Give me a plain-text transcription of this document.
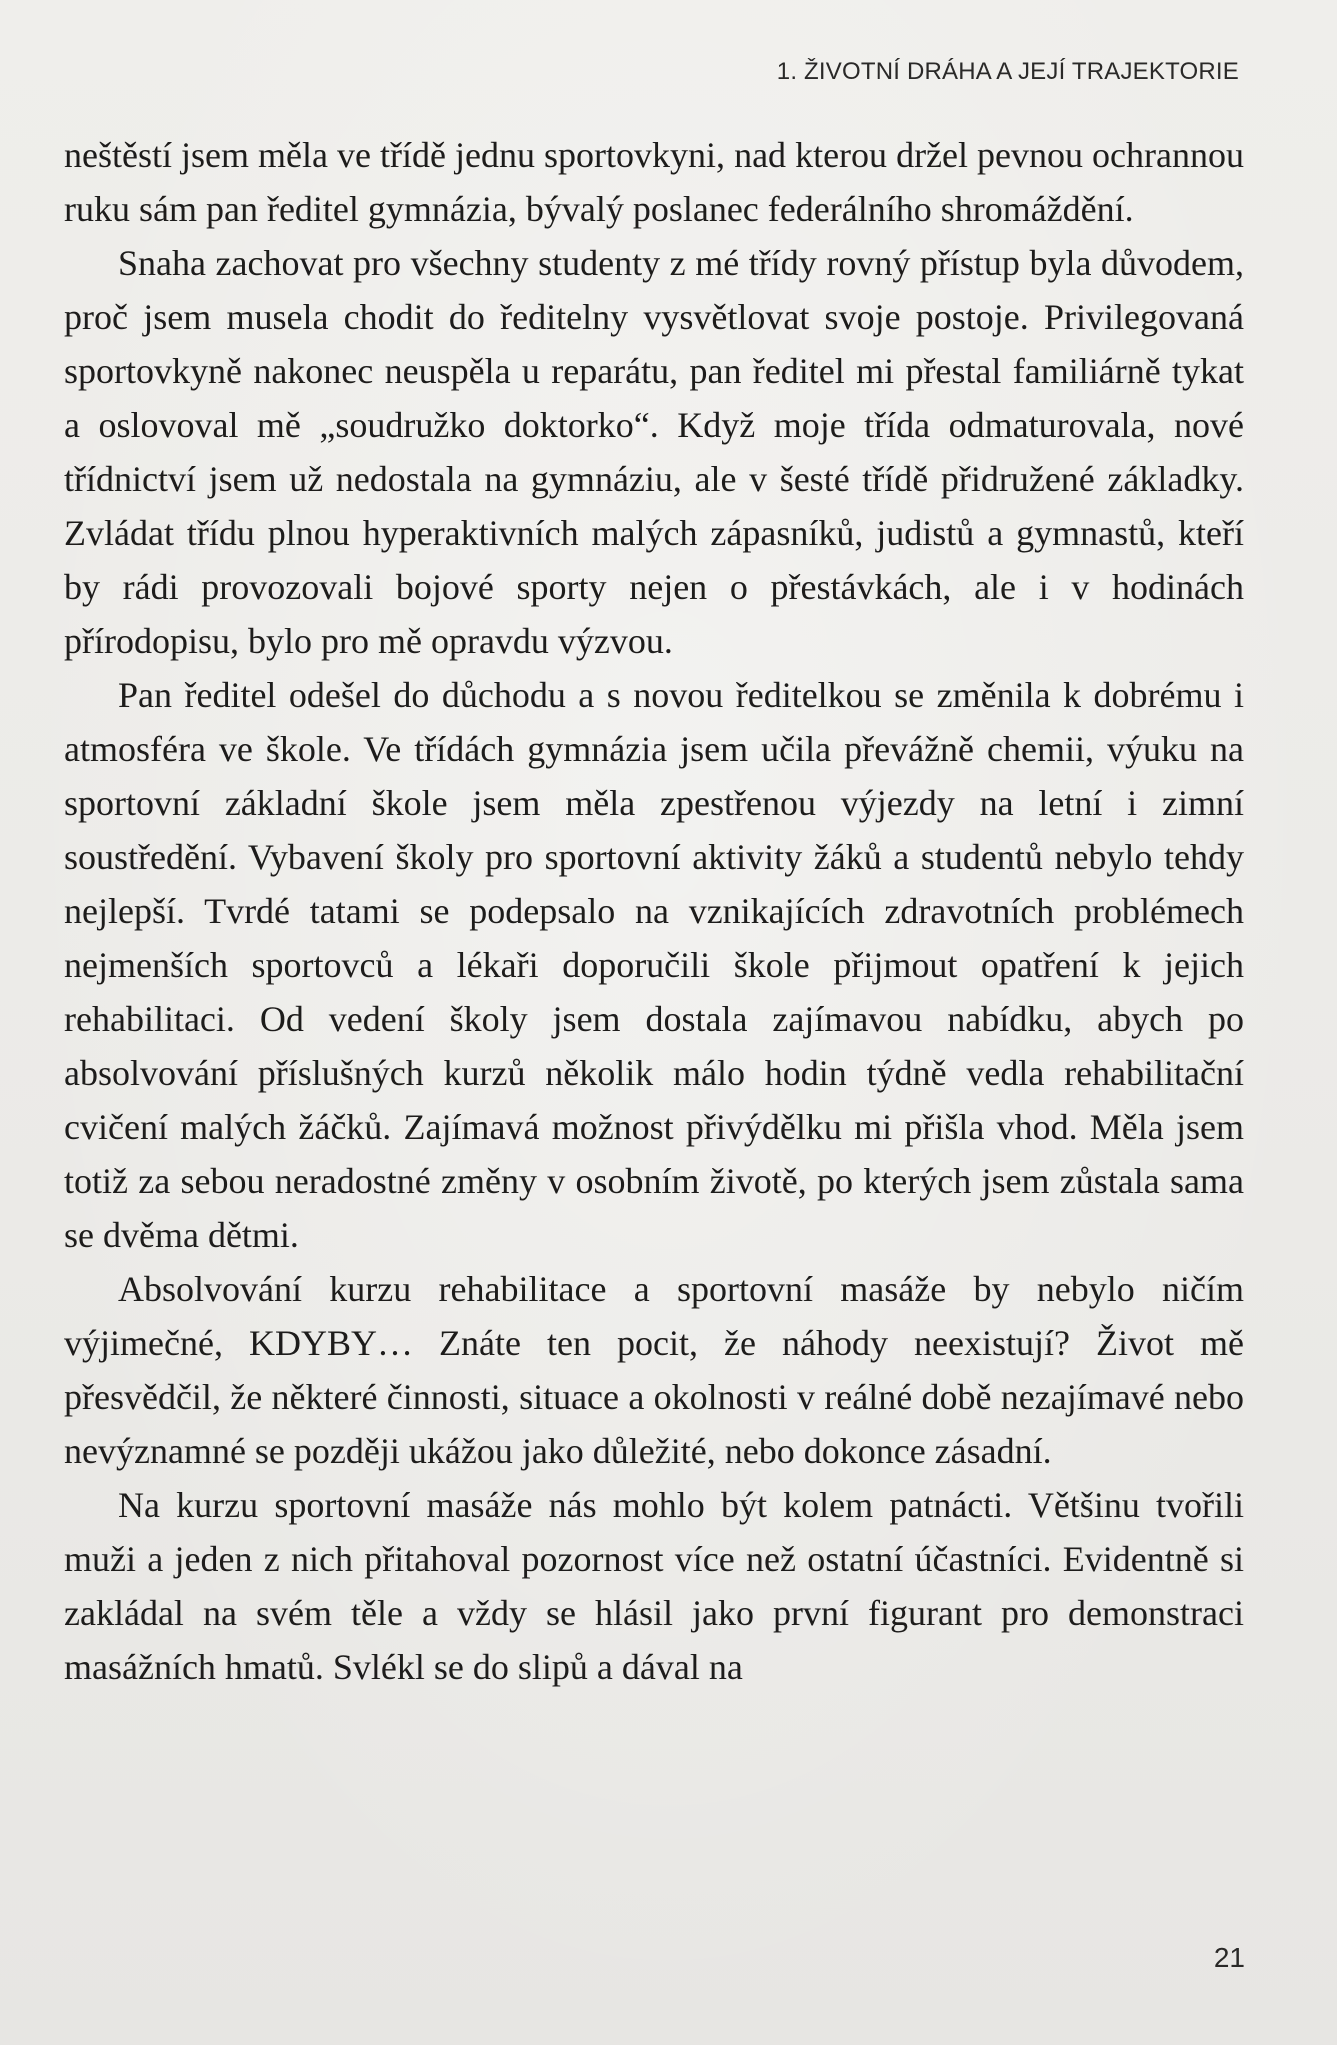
1. ŽIVOTNÍ DRÁHA A JEJÍ TRAJEKTORIE

neštěstí jsem měla ve třídě jednu sportovkyni, nad kterou držel pevnou ochrannou ruku sám pan ředitel gymnázia, bývalý poslanec federálního shromáždění.

Snaha zachovat pro všechny studenty z mé třídy rovný přístup byla důvodem, proč jsem musela chodit do ředitelny vysvětlovat svoje postoje. Privilegovaná sportovkyně nakonec neuspěla u reparátu, pan ředitel mi přestal familiárně tykat a oslovoval mě „soudružko doktorko“. Když moje třída odmaturovala, nové třídnictví jsem už nedostala na gymnáziu, ale v šesté třídě přidružené základky. Zvládat třídu plnou hyperaktivních malých zápasníků, judistů a gymnastů, kteří by rádi provozovali bojové sporty nejen o přestávkách, ale i v hodinách přírodopisu, bylo pro mě opravdu výzvou.

Pan ředitel odešel do důchodu a s novou ředitelkou se změnila k dobrému i atmosféra ve škole. Ve třídách gymnázia jsem učila převážně chemii, výuku na sportovní základní škole jsem měla zpestřenou výjezdy na letní i zimní soustředění. Vybavení školy pro sportovní aktivity žáků a studentů nebylo tehdy nejlepší. Tvrdé tatami se podepsalo na vznikajících zdravotních problémech nejmenších sportovců a lékaři doporučili škole přijmout opatření k jejich rehabilitaci. Od vedení školy jsem dostala zajímavou nabídku, abych po absolvování příslušných kurzů několik málo hodin týdně vedla rehabilitační cvičení malých žáčků. Zajímavá možnost přivýdělku mi přišla vhod. Měla jsem totiž za sebou neradostné změny v osobním životě, po kterých jsem zůstala sama se dvěma dětmi.

Absolvování kurzu rehabilitace a sportovní masáže by nebylo ničím výjimečné, KDYBY… Znáte ten pocit, že náhody neexistují? Život mě přesvědčil, že některé činnosti, situace a okolnosti v reálné době nezajímavé nebo nevýznamné se později ukážou jako důležité, nebo dokonce zásadní.

Na kurzu sportovní masáže nás mohlo být kolem patnácti. Většinu tvořili muži a jeden z nich přitahoval pozornost více než ostatní účastníci. Evidentně si zakládal na svém těle a vždy se hlásil jako první figurant pro demonstraci masážních hmatů. Svlékl se do slipů a dával na

21
